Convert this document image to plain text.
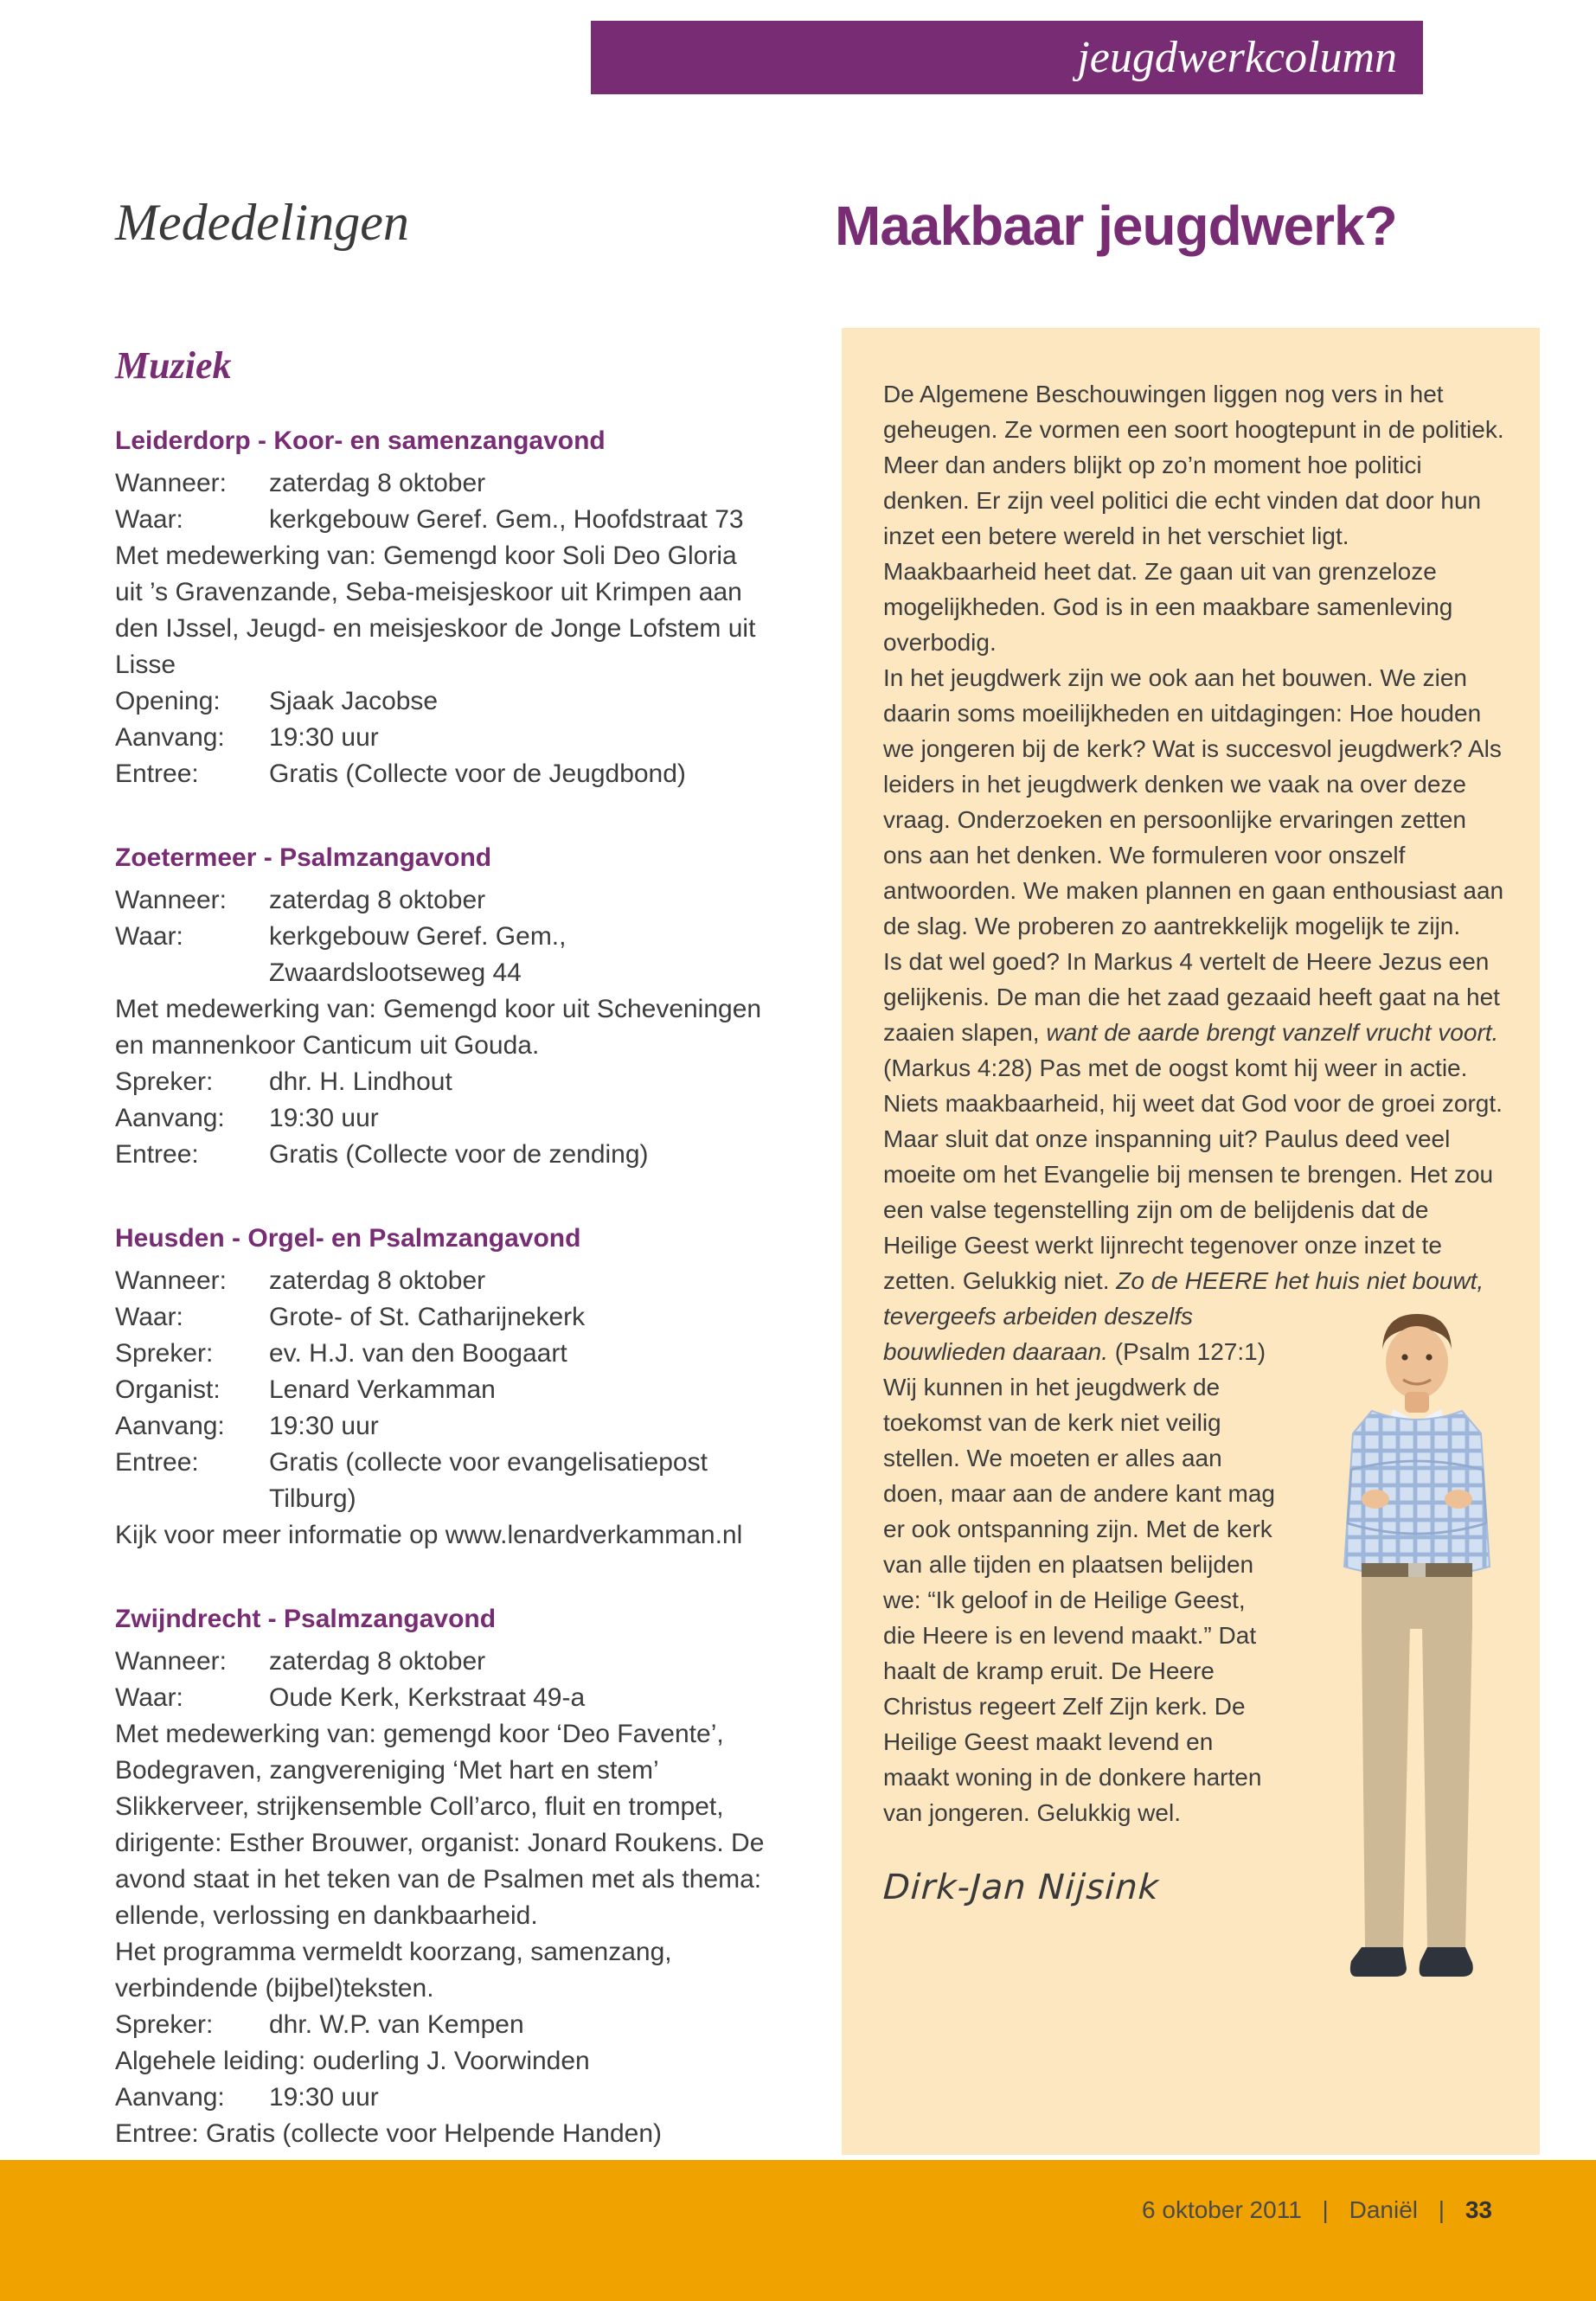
jeugdwerkcolumn
Mededelingen
Muziek
Leiderdorp - Koor- en samenzangavond
Wanneer:	zaterdag 8 oktober
Waar:	kerkgebouw Geref. Gem., Hoofdstraat 73

Met medewerking van: Gemengd koor Soli Deo Gloria uit ’s Gravenzande, Seba-meisjeskoor uit Krimpen aan den IJssel, Jeugd- en meisjeskoor de Jonge Lofstem uit Lisse

Opening:	Sjaak Jacobse
Aanvang:	19:30 uur
Entree:	Gratis (Collecte voor de Jeugdbond)
Zoetermeer - Psalmzangavond
Wanneer:	zaterdag 8 oktober
Waar:	kerkgebouw Geref. Gem., Zwaardslootseweg 44

Met medewerking van: Gemengd koor uit Scheveningen en mannenkoor Canticum uit Gouda.

Spreker:	dhr. H. Lindhout
Aanvang:	19:30 uur
Entree:	Gratis (Collecte voor de zending)
Heusden - Orgel- en Psalmzangavond
Wanneer:	zaterdag 8 oktober
Waar:	Grote- of St. Catharijnekerk
Spreker:	ev. H.J. van den Boogaart
Organist:	Lenard Verkamman
Aanvang:	19:30 uur
Entree:	Gratis (collecte voor evangelisatiepost Tilburg)

Kijk voor meer informatie op www.lenardverkamman.nl

Zwijndrecht - Psalmzangavond
Wanneer:	zaterdag 8 oktober
Waar:	Oude Kerk, Kerkstraat 49-a

Met medewerking van: gemengd koor ‘Deo Favente’, Bodegraven, zangvereniging ‘Met hart en stem’ Slikkerveer, strijkensemble Coll’arco, fluit en trompet, dirigente: Esther Brouwer, organist: Jonard Roukens. De avond staat in het teken van de Psalmen met als thema: ellende, verlossing en dankbaarheid.

Het programma vermeldt koorzang, samenzang, verbindende (bijbel)teksten.

Spreker:	dhr. W.P. van Kempen

Algehele leiding: ouderling J. Voorwinden

Aanvang:	19:30 uur

Entree: Gratis (collecte voor Helpende Handen)

Maakbaar jeugdwerk?

De Algemene Beschouwingen liggen nog vers in het geheugen. Ze vormen een soort hoogtepunt in de politiek. Meer dan anders blijkt op zo’n moment hoe politici denken. Er zijn veel politici die echt vinden dat door hun inzet een betere wereld in het verschiet ligt. Maakbaarheid heet dat. Ze gaan uit van grenzeloze mogelijkheden. God is in een maakbare samenleving overbodig.

In het jeugdwerk zijn we ook aan het bouwen. We zien daarin soms moeilijkheden en uitdagingen: Hoe houden we jongeren bij de kerk? Wat is succesvol jeugdwerk? Als leiders in het jeugdwerk denken we vaak na over deze vraag. Onderzoeken en persoonlijke ervaringen zetten ons aan het denken. We formuleren voor onszelf antwoorden. We maken plannen en gaan enthousiast aan de slag. We proberen zo aantrekkelijk mogelijk te zijn.

Is dat wel goed? In Markus 4 vertelt de Heere Jezus een gelijkenis. De man die het zaad gezaaid heeft gaat na het zaaien slapen, want de aarde brengt vanzelf vrucht voort. (Markus 4:28) Pas met de oogst komt hij weer in actie. Niets maakbaarheid, hij weet dat God voor de groei zorgt.

Maar sluit dat onze inspanning uit? Paulus deed veel moeite om het Evangelie bij mensen te brengen. Het zou een valse tegenstelling zijn om de belijdenis dat de Heilige Geest werkt lijnrecht tegenover onze inzet te zetten. Gelukkig niet. Zo de HEERE het huis niet bouwt, tevergeefs
arbeiden deszelfs bouwlieden daaraan. (Psalm 127:1)

Wij kunnen in het jeugdwerk de toekomst van de kerk niet veilig stellen. We moeten er alles aan doen, maar aan de andere kant mag er ook ontspanning zijn. Met de kerk van alle tijden en plaatsen belijden we: “Ik geloof in de Heilige Geest, die Heere is en levend maakt.” Dat haalt de kramp eruit. De Heere Christus regeert Zelf Zijn kerk. De Heilige Geest maakt levend en maakt woning in de donkere harten van jongeren. Gelukkig wel.

Dirk-Jan Nijsink
6 oktober 2011 | Daniël | 33
